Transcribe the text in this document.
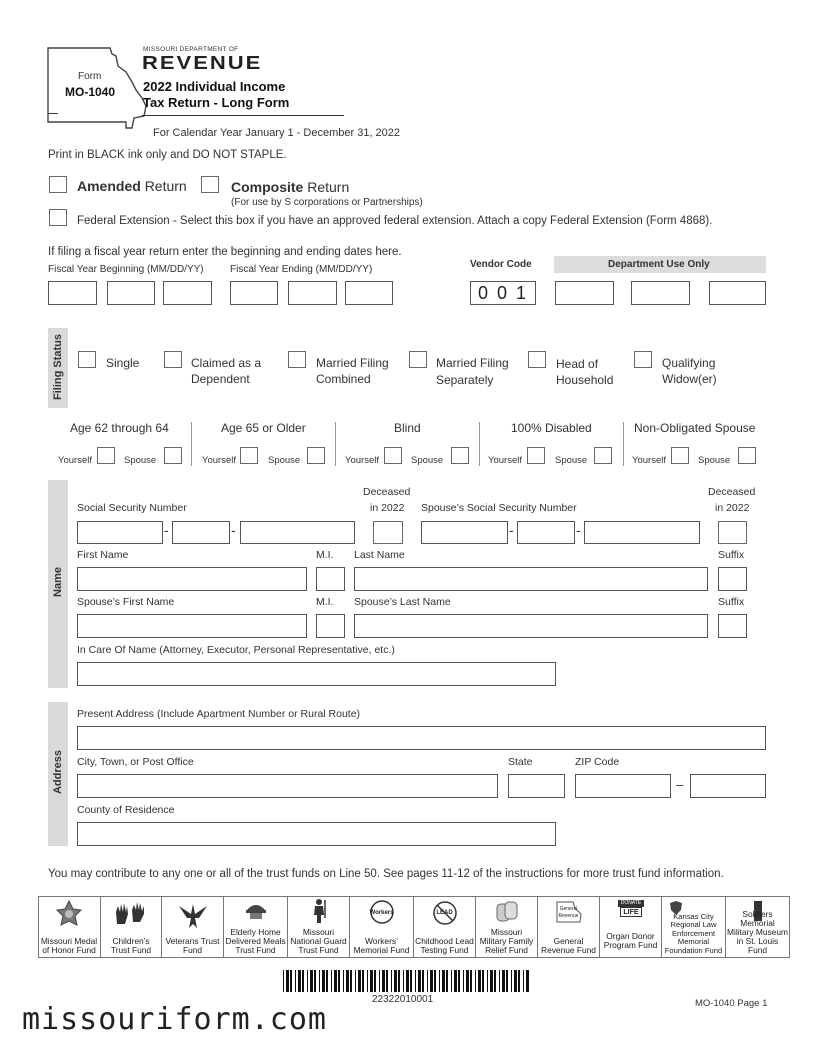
Form
MO-1040
MISSOURI DEPARTMENT OF
REVENUE
2022 Individual Income
Tax Return - Long Form
For Calendar Year January 1 - December 31, 2022
Print in BLACK ink only and DO NOT STAPLE.
Amended Return	Composite Return
(For use by S corporations or Partnerships)
Federal Extension - Select this box if you have an approved federal extension. Attach a copy Federal Extension (Form 4868).
If filing a fiscal year return enter the beginning and ending dates here.
Fiscal Year Beginning (MM/DD/YY)	Fiscal Year Ending (MM/DD/YY)	Vendor Code	Department Use Only
0 0 1
Filing Status	Single	Claimed as a
Dependent
Married Filing
Combined
Married Filing
Separately
Head of
Household
Qualifying
Widow(er)
Age 62 through 64	Age 65 or Older	Blind	100% Disabled	Non-Obligated Spouse
Yourself	Spouse	Yourself	Spouse	Yourself	Spouse	Yourself	Spouse	Yourself	Spouse
Name
Social Security Number
Deceased
in 2022 Spouse’s Social Security Number
Deceased
in 2022
-	-	-	-
First Name	M.I. Last Name	Suffix
Spouse’s First Name	M.I. Spouse’s Last Name	Suffix
In Care Of Name (Attorney, Executor, Personal Representative, etc.)
Address
Present Address (Include Apartment Number or Rural Route)
City, Town, or Post Office	State	ZIP Code
–
County of Residence
You may contribute to any one or all of the trust funds on Line 50. See pages 11-12 of the instructions for more trust fund information.
Missouri Medal of Honor Fund
Children’s Trust Fund
Veterans Trust Fund
Elderly Home Delivered Meals Trust Fund
Missouri National Guard Trust Fund
Workers
Workers’ Memorial Fund
LEAD
Childhood Lead Testing Fund
Missouri Military Family Relief Fund
General
Revenue
General Revenue Fund
DONATE
LIFE
Organ Donor Program Fund
Kansas City Regional Law Enforcement Memorial Foundation Fund
Soldiers Memorial Military Museum in St. Louis Fund
22322010001	MO-1040 Page 1
missouriform.com
